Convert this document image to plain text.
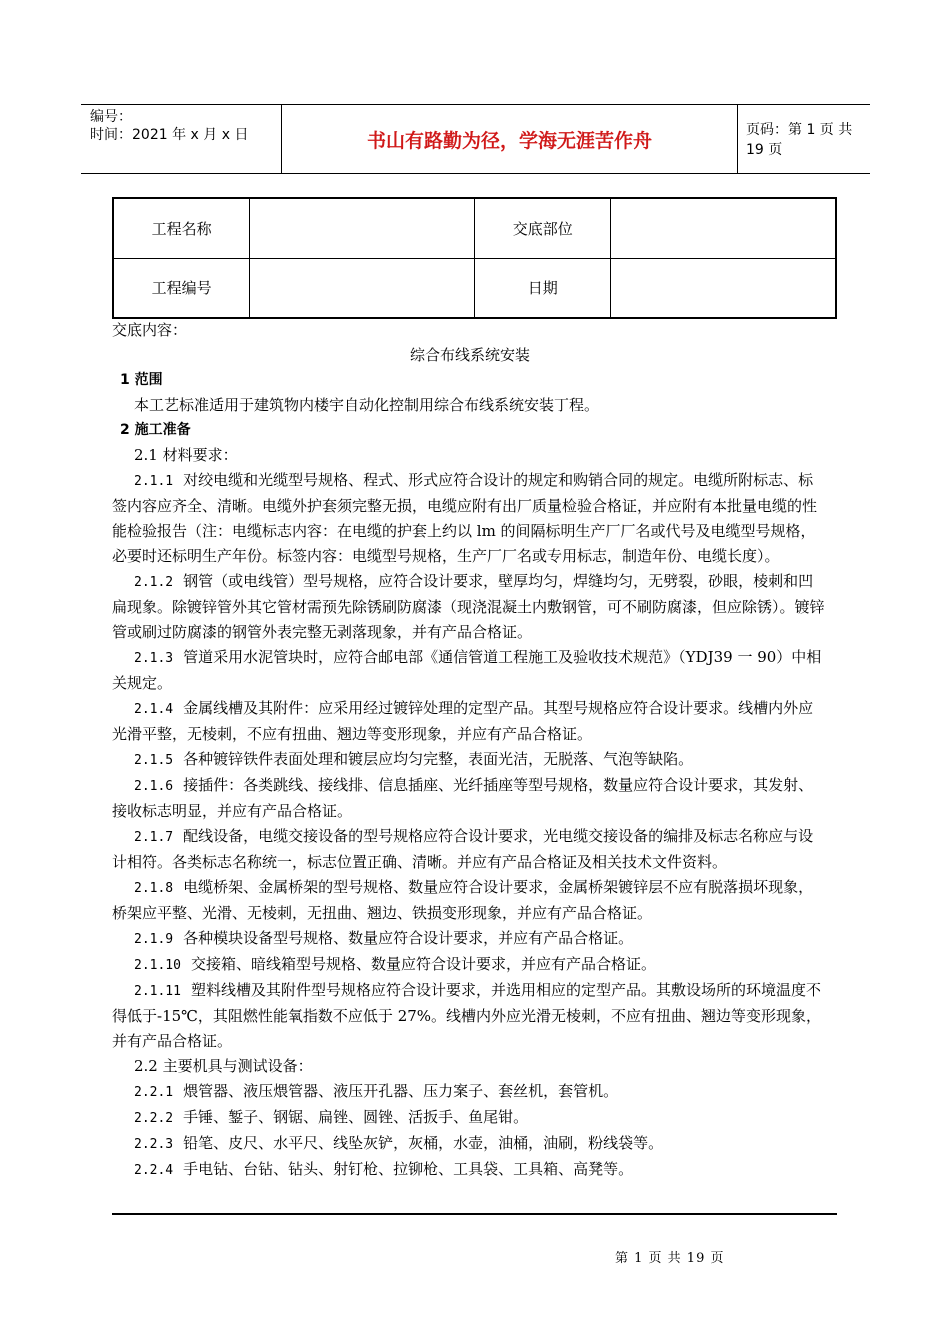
编号：
时间：2021 年 x 月 x 日	书山有路勤为径，学海无涯苦作舟	页码：第 1 页 共 19 页
工程名称		交底部位	
工程编号		日期	

交底内容：

综合布线系统安装

1 范围

本工艺标准适用于建筑物内楼宇自动化控制用综合布线系统安装丁程。

2 施工准备

2.1 材料要求：

2.1.1 对绞电缆和光缆型号规格、程式、形式应符合设计的规定和购销合同的规定。电缆所附标志、标签内容应齐全、清晰。电缆外护套须完整无损，电缆应附有出厂质量检验合格证，并应附有本批量电缆的性能检验报告（注：电缆标志内容：在电缆的护套上约以 lm 的间隔标明生产厂厂名或代号及电缆型号规格，必要时还标明生产年份。标签内容：电缆型号规格，生产厂厂名或专用标志，制造年份、电缆长度）。

2.1.2 钢管（或电线管）型号规格，应符合设计要求，壁厚均匀，焊缝均匀，无劈裂，砂眼，棱刺和凹扁现象。除镀锌管外其它管材需预先除锈刷防腐漆（现浇混凝土内敷钢管，可不刷防腐漆，但应除锈）。镀锌管或刷过防腐漆的钢管外表完整无剥落现象，并有产品合格证。

2.1.3 管道采用水泥管块时，应符合邮电部《通信管道工程施工及验收技术规范》（YDJ39 一 90）中相关规定。

2.1.4 金属线槽及其附件：应采用经过镀锌处理的定型产品。其型号规格应符合设计要求。线槽内外应光滑平整，无棱刺，不应有扭曲、翘边等变形现象，并应有产品合格证。

2.1.5 各种镀锌铁件表面处理和镀层应均匀完整，表面光洁，无脱落、气泡等缺陷。

2.1.6 接插件：各类跳线、接线排、信息插座、光纤插座等型号规格，数量应符合设计要求，其发射、接收标志明显，并应有产品合格证。

2.1.7 配线设备，电缆交接设备的型号规格应符合设计要求，光电缆交接设备的编排及标志名称应与设计相符。各类标志名称统一，标志位置正确、清晰。并应有产品合格证及相关技术文件资料。

2.1.8 电缆桥架、金属桥架的型号规格、数量应符合设计要求，金属桥架镀锌层不应有脱落损坏现象，桥架应平整、光滑、无棱刺，无扭曲、翘边、铁损变形现象，并应有产品合格证。

2.1.9 各种模块设备型号规格、数量应符合设计要求，并应有产品合格证。

2.1.10 交接箱、暗线箱型号规格、数量应符合设计要求，并应有产品合格证。

2.1.11 塑料线槽及其附件型号规格应符合设计要求，并选用相应的定型产品。其敷设场所的环境温度不得低于-15℃，其阻燃性能氧指数不应低于 27%。线槽内外应光滑无棱刺，不应有扭曲、翘边等变形现象，并有产品合格证。

2.2 主要机具与测试设备：

2.2.1 煨管器、液压煨管器、液压开孔器、压力案子、套丝机，套管机。

2.2.2 手锤、錾子、钢锯、扁锉、圆锉、活扳手、鱼尾钳。

2.2.3 铅笔、皮尺、水平尺、线坠灰铲，灰桶，水壶，油桶，油刷，粉线袋等。

2.2.4 手电钻、台钻、钻头、射钉枪、拉铆枪、工具袋、工具箱、高凳等。

第 1 页 共 19 页
